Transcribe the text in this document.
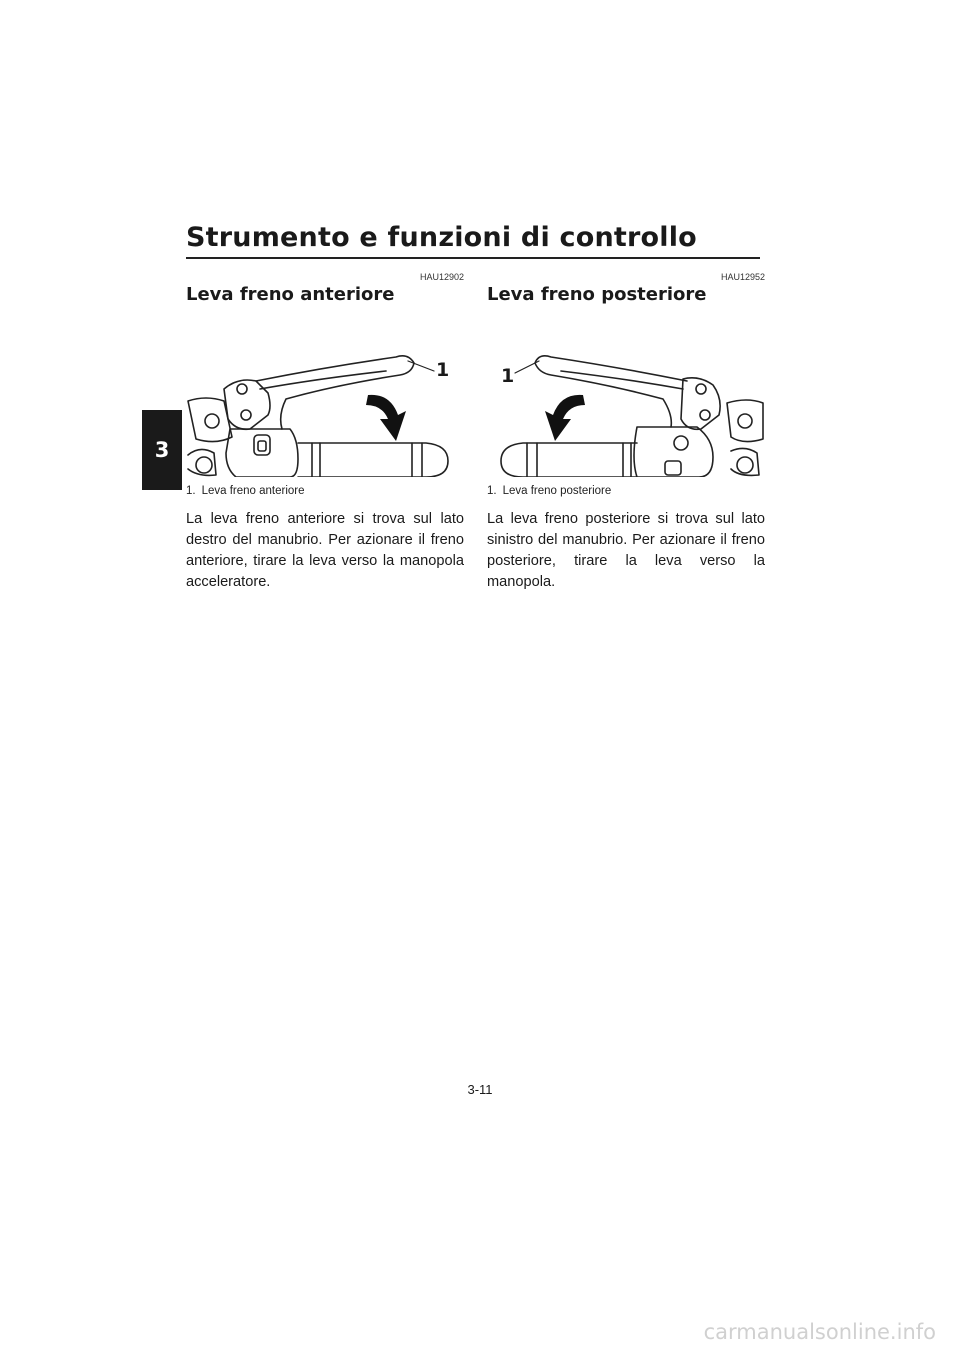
Strumento e funzioni di controllo
3
HAU12902
Leva freno anteriore
1
1. Leva freno anteriore
La leva freno anteriore si trova sul lato destro del manubrio. Per azionare il freno anteriore, tirare la leva verso la manopola acceleratore.
HAU12952
Leva freno posteriore
1
1. Leva freno posteriore
La leva freno posteriore si trova sul lato sinistro del manubrio. Per azionare il freno posteriore, tirare la leva verso la manopola.
3-11
carmanualsonline.info
